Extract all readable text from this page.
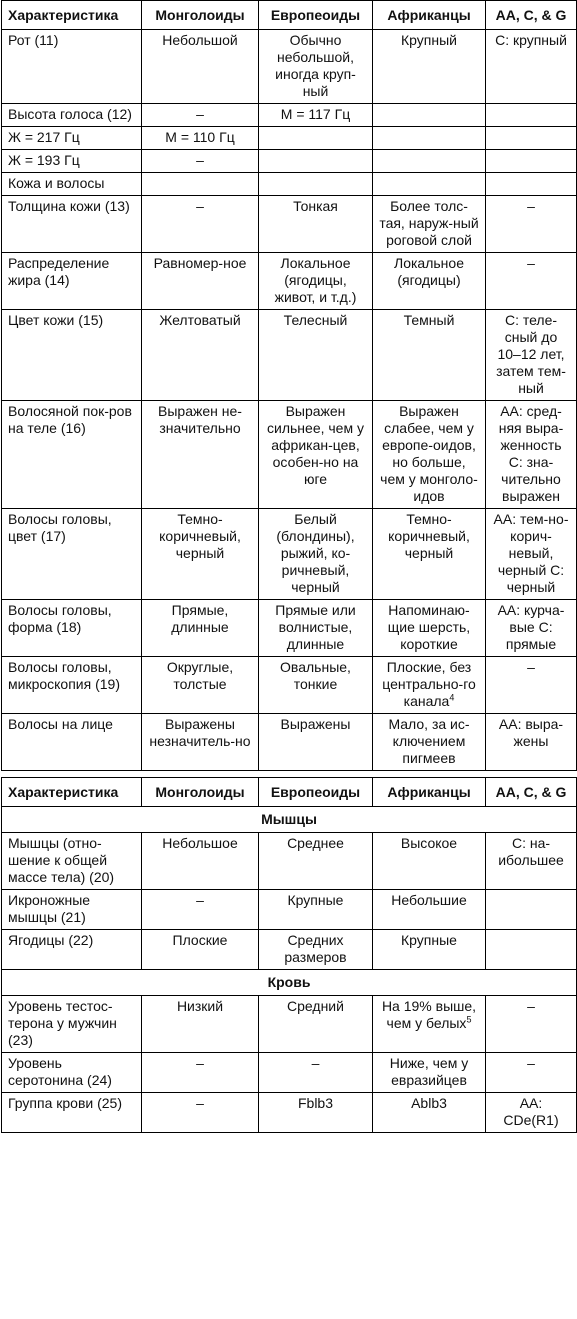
Характеристика	Монголоиды	Европеоиды	Африканцы	AA, C, & G
Рот (11)	Небольшой	Обычно небольшой, иногда круп-ный	Крупный	С: крупный
Высота голоса (12)	–	M = 117 Гц		
Ж = 217 Гц	M = 110 Гц			
Ж = 193 Гц	–			
Кожа и волосы				
Толщина кожи (13)	–	Тонкая	Более толс-тая, наруж-ный роговой слой	–
Распределение жира (14)	Равномер-ное	Локальное (ягодицы, живот, и т.д.)	Локальное (ягодицы)	–
Цвет кожи (15)	Желтоватый	Телесный	Темный	С: теле-сный до 10–12 лет, затем тем-ный
Волосяной пок-ров на теле (16)	Выражен не-значительно	Выражен сильнее, чем у африкан-цев, особен-но на юге	Выражен слабее, чем у европе-оидов, но больше, чем у монголо-идов	АА: сред-няя выра-женность С: зна-чительно выражен
Волосы головы, цвет (17)	Темно-коричневый, черный	Белый (блондины), рыжий, ко-ричневый, черный	Темно-коричневый, черный	АА: тем-но-корич-невый, черный С: черный
Волосы головы, форма (18)	Прямые, длинные	Прямые или волнистые, длинные	Напоминаю-щие шерсть, короткие	АА: курча-вые С: прямые
Волосы головы, микроскопия (19)	Округлые, толстые	Овальные, тонкие	Плоские, без центрально-го канала$^4$	–
Волосы на лице	Выражены незначитель-но	Выражены	Мало, за ис-ключением пигмеев	АА: выра-жены
Характеристика	Монголоиды	Европеоиды	Африканцы	AA, C, & G
Мышцы				
Мышцы (отно-шение к общей массе тела) (20)	Небольшое	Среднее	Высокое	С: на-ибольшее
Икроножные мышцы (21)	–	Крупные	Небольшие	
Ягодицы (22)	Плоские	Средних размеров	Крупные	
Кровь				
Уровень тестос-терона у мужчин (23)	Низкий	Средний	На 19% выше, чем у белых$^5$	–
Уровень серотонина (24)	–	–	Ниже, чем у евразийцев	–
Группа крови (25)	–	Fblb3	Ablb3	АА: CDe(R1)
